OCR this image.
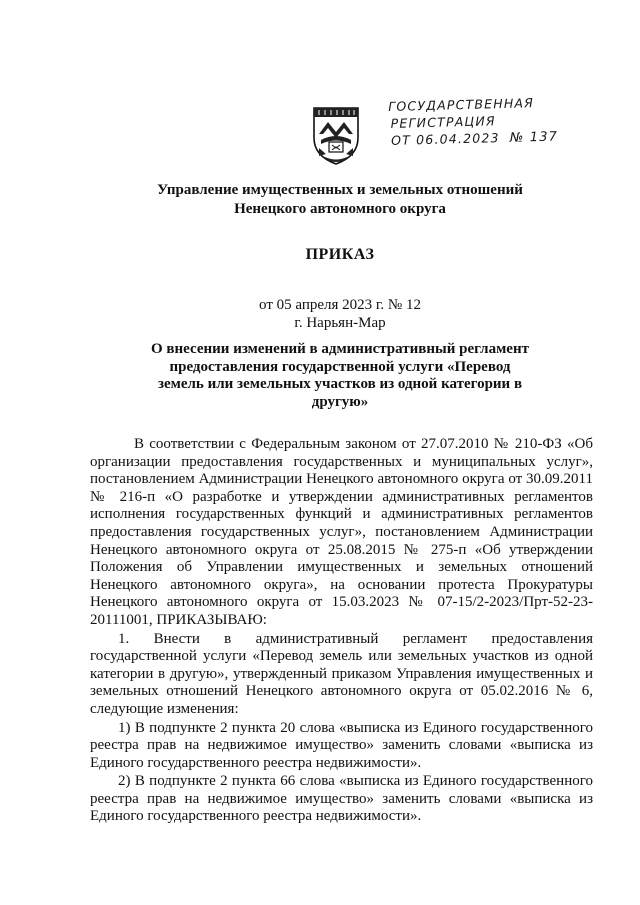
ГОСУДАРСТВЕННАЯ
РЕГИСТРАЦИЯ
ОТ 06.04.2023 № 137
Управление имущественных и земельных отношений
Ненецкого автономного округа
ПРИКАЗ
от 05 апреля 2023 г. № 12
г. Нарьян-Мар
О внесении изменений в административный регламент предоставления государственной услуги «Перевод земель или земельных участков из одной категории в другую»

В соответствии с Федеральным законом от 27.07.2010 № 210-ФЗ «Об организации предоставления государственных и муниципальных услуг», постановлением Администрации Ненецкого автономного округа от 30.09.2011 № 216-п «О разработке и утверждении административных регламентов исполнения государственных функций и административных регламентов предоставления государственных услуг», постановлением Администрации Ненецкого автономного округа от 25.08.2015 № 275-п «Об утверждении Положения об Управлении имущественных и земельных отношений Ненецкого автономного округа», на основании протеста Прокуратуры Ненецкого автономного округа от 15.03.2023 № 07-15/2-2023/Прт-52-23-20111001, ПРИКАЗЫВАЮ:

1. Внести в административный регламент предоставления государственной услуги «Перевод земель или земельных участков из одной категории в другую», утвержденный приказом Управления имущественных и земельных отношений Ненецкого автономного округа от 05.02.2016 № 6, следующие изменения:

1) В подпункте 2 пункта 20 слова «выписка из Единого государственного реестра прав на недвижимое имущество» заменить словами «выписка из Единого государственного реестра недвижимости».

2) В подпункте 2 пункта 66 слова «выписка из Единого государственного реестра прав на недвижимое имущество» заменить словами «выписка из Единого государственного реестра недвижимости».
